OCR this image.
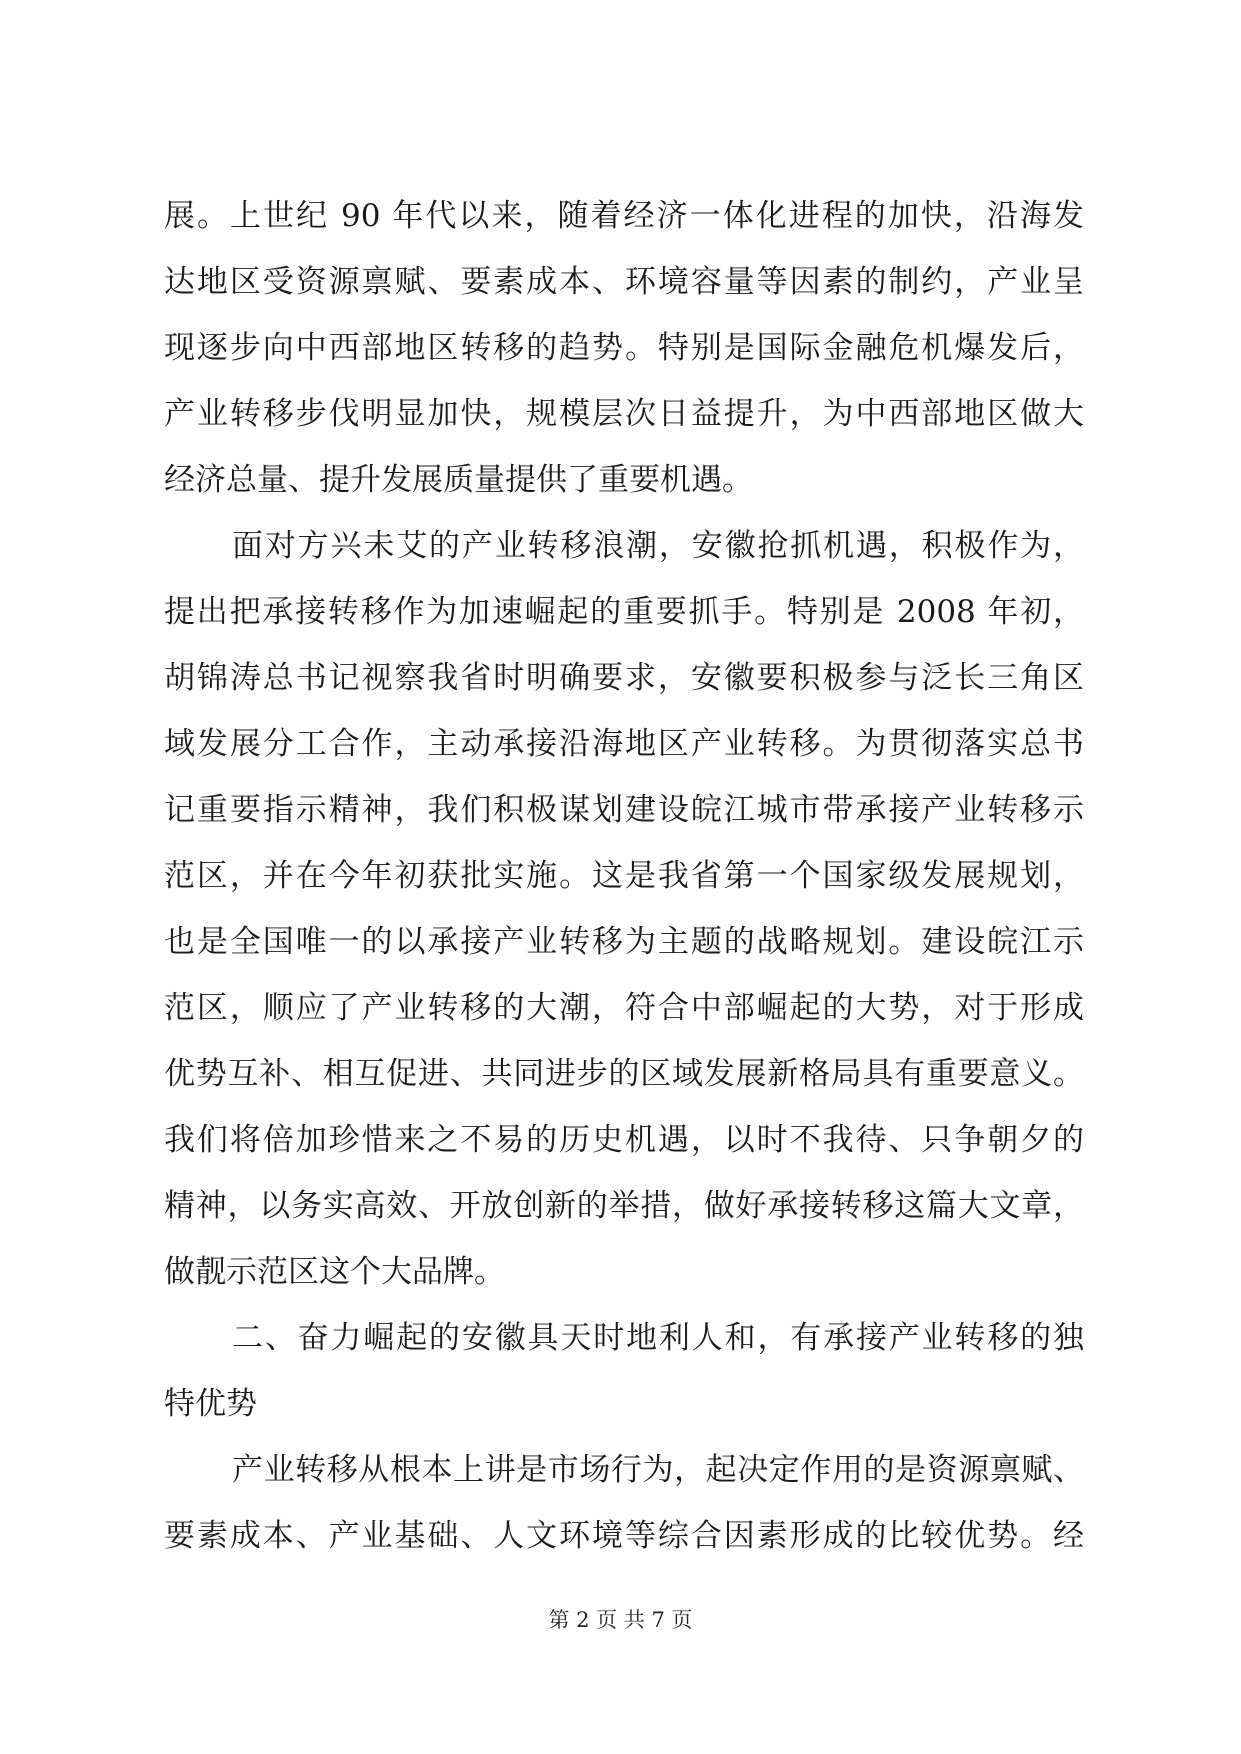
展。上世纪 90 年代以来，随着经济一体化进程的加快，沿海发
达地区受资源禀赋、要素成本、环境容量等因素的制约，产业呈
现逐步向中西部地区转移的趋势。特别是国际金融危机爆发后，
产业转移步伐明显加快，规模层次日益提升，为中西部地区做大
经济总量、提升发展质量提供了重要机遇。
面对方兴未艾的产业转移浪潮，安徽抢抓机遇，积极作为，
提出把承接转移作为加速崛起的重要抓手。特别是 2008 年初，
胡锦涛总书记视察我省时明确要求，安徽要积极参与泛长三角区
域发展分工合作，主动承接沿海地区产业转移。为贯彻落实总书
记重要指示精神，我们积极谋划建设皖江城市带承接产业转移示
范区，并在今年初获批实施。这是我省第一个国家级发展规划，
也是全国唯一的以承接产业转移为主题的战略规划。建设皖江示
范区，顺应了产业转移的大潮，符合中部崛起的大势，对于形成
优势互补、相互促进、共同进步的区域发展新格局具有重要意义。
我们将倍加珍惜来之不易的历史机遇，以时不我待、只争朝夕的
精神，以务实高效、开放创新的举措，做好承接转移这篇大文章，
做靓示范区这个大品牌。
二、奋力崛起的安徽具天时地利人和，有承接产业转移的独
特优势
产业转移从根本上讲是市场行为，起决定作用的是资源禀赋、
要素成本、产业基础、人文环境等综合因素形成的比较优势。经
第 2 页 共 7 页
